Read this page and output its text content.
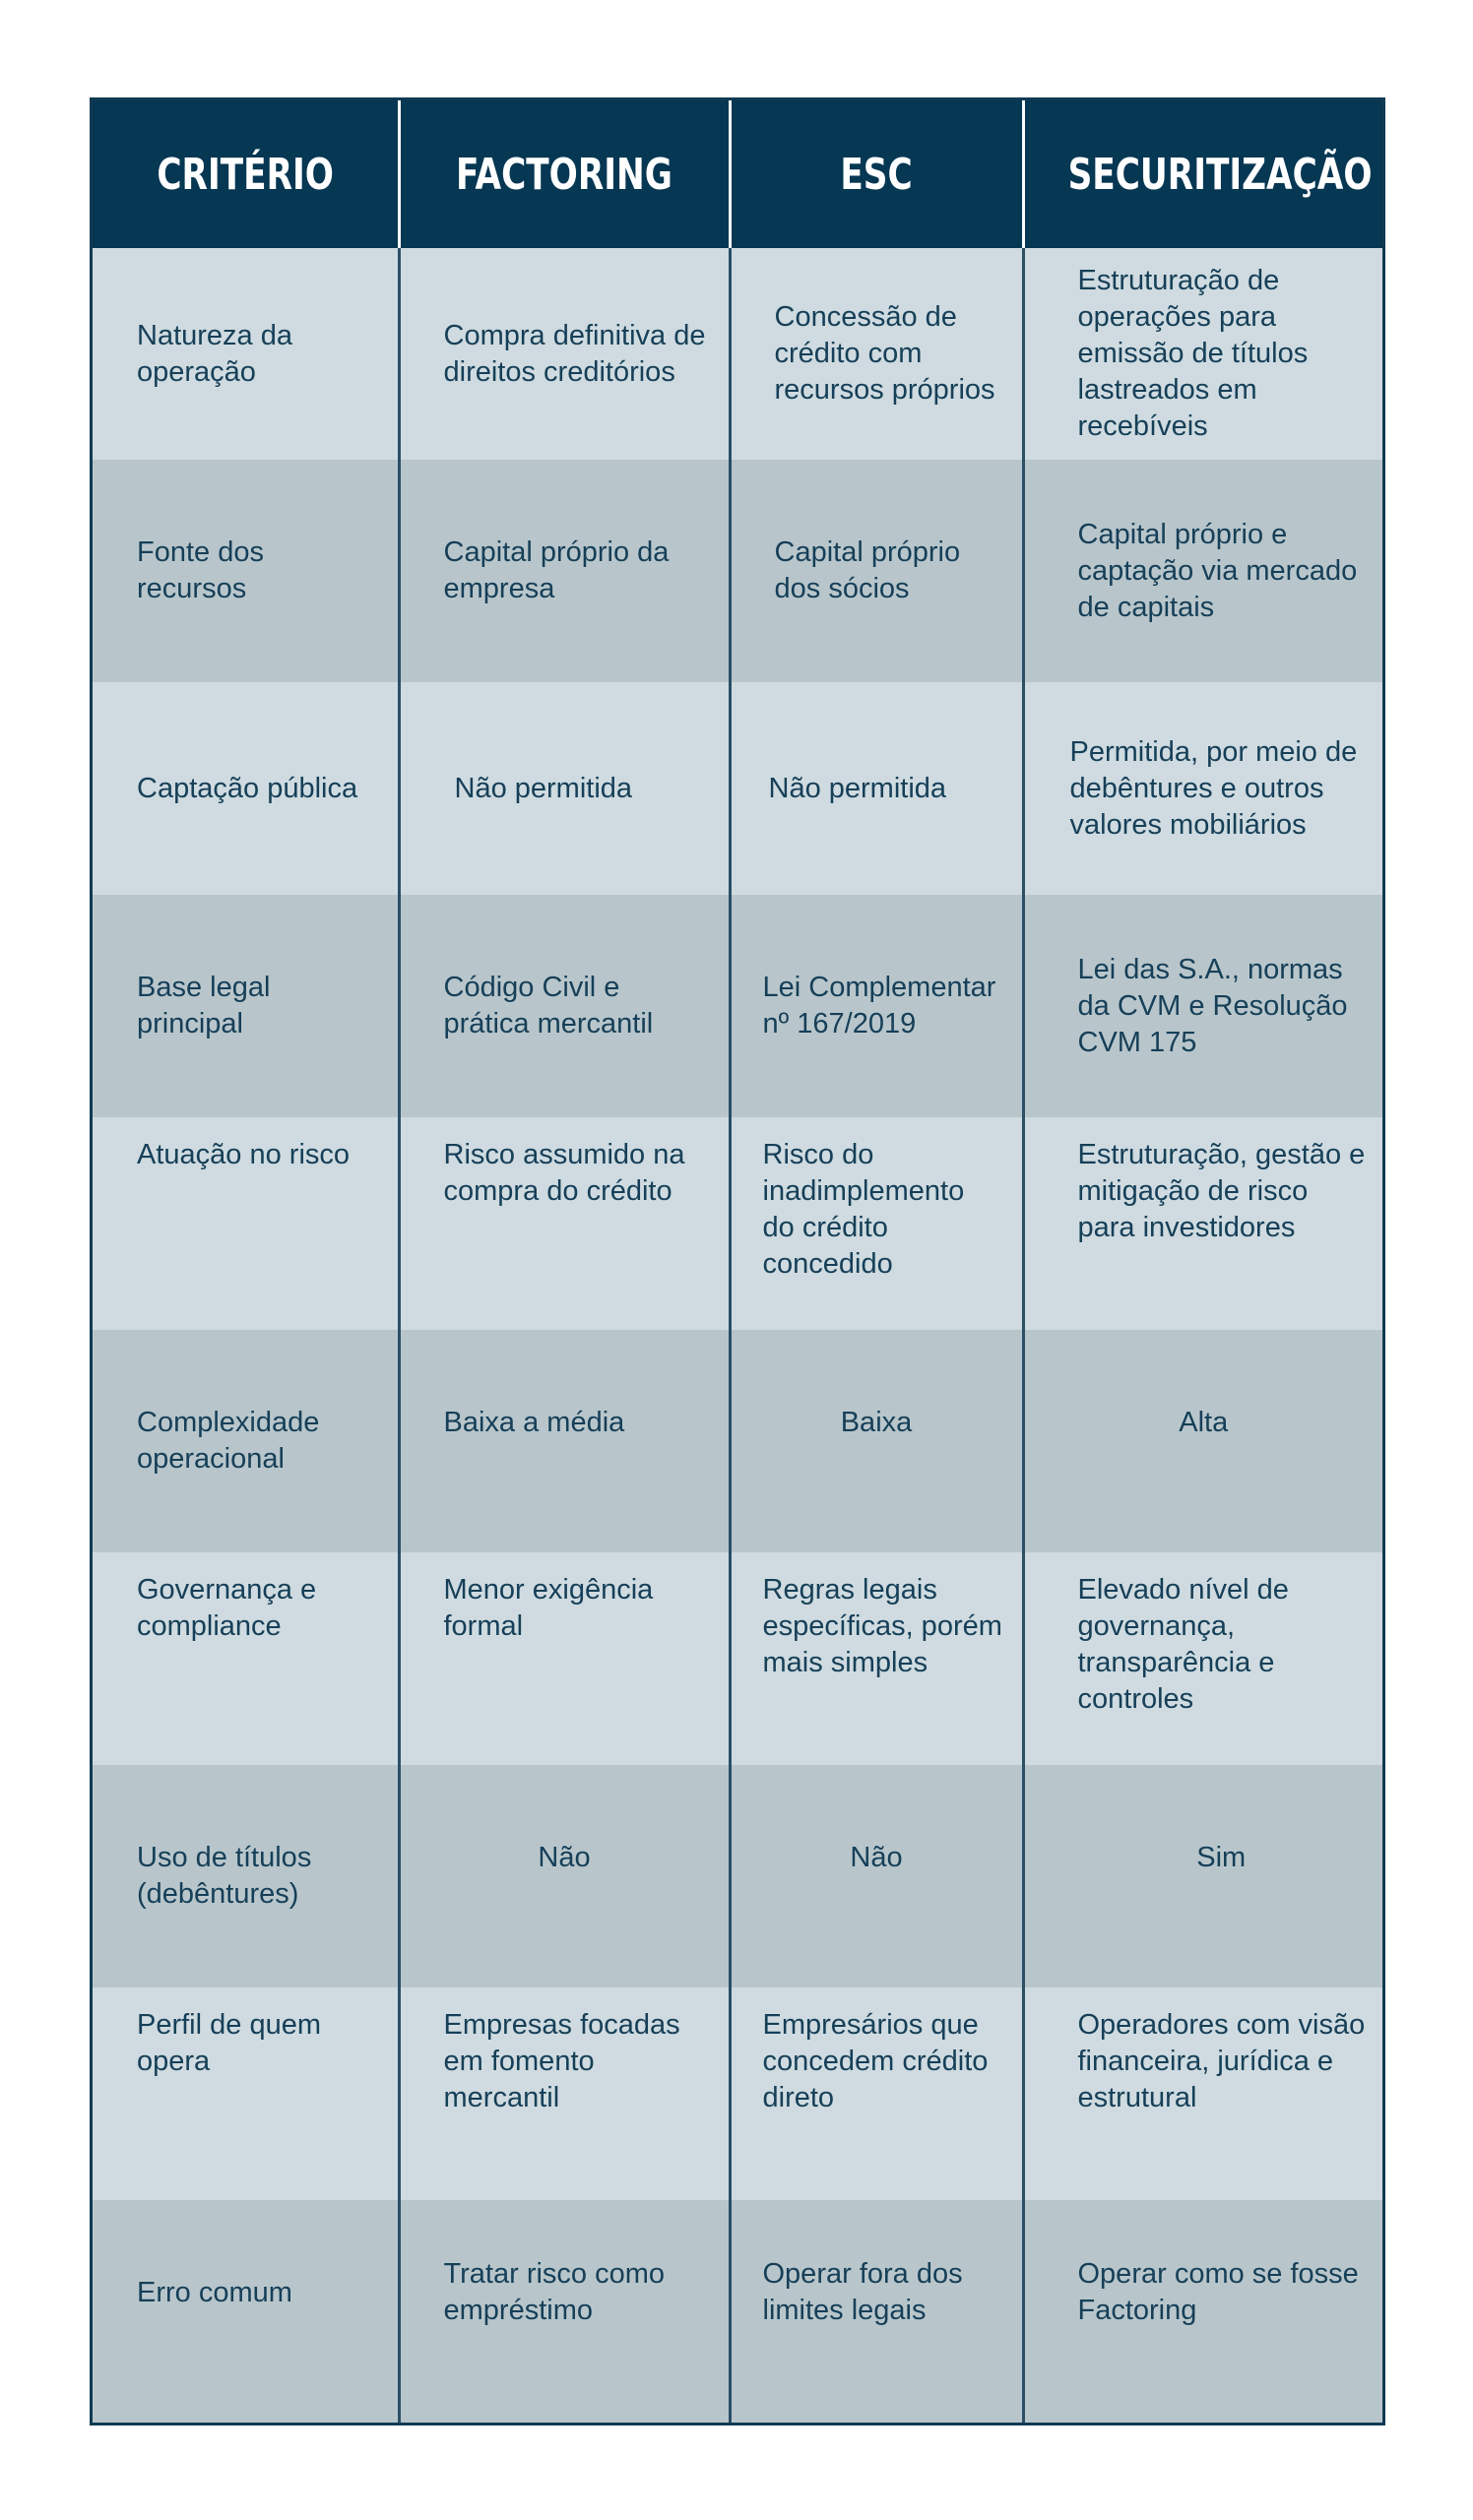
CRITÉRIO	FACTORING	ESC	SECURITIZAÇÃO
Natureza da operação	Compra definitiva de direitos creditórios	Concessão de crédito com recursos próprios	Estruturação de operações para emissão de títulos lastreados em recebíveis
Fonte dos recursos	Capital próprio da empresa	Capital próprio dos sócios	Capital próprio e captação via mercado de capitais
Captação pública	Não permitida	Não permitida	Permitida, por meio de debêntures e outros valores mobiliários
Base legal principal	Código Civil e prática mercantil	Lei Complementar nº 167/2019	Lei das S.A., normas da CVM e Resolução CVM 175
Atuação no risco	Risco assumido na compra do crédito	Risco do inadimplemento do crédito concedido	Estruturação, gestão e mitigação de risco para investidores
Complexidade operacional	Baixa a média	Baixa	Alta
Governança e compliance	Menor exigência formal	Regras legais específicas, porém mais simples	Elevado nível de governança, transparência e controles
Uso de títulos (debêntures)	Não	Não	Sim
Perfil de quem opera	Empresas focadas em fomento mercantil	Empresários que concedem crédito direto	Operadores com visão financeira, jurídica e estrutural
Erro comum	Tratar risco como empréstimo	Operar fora dos limites legais	Operar como se fosse Factoring
